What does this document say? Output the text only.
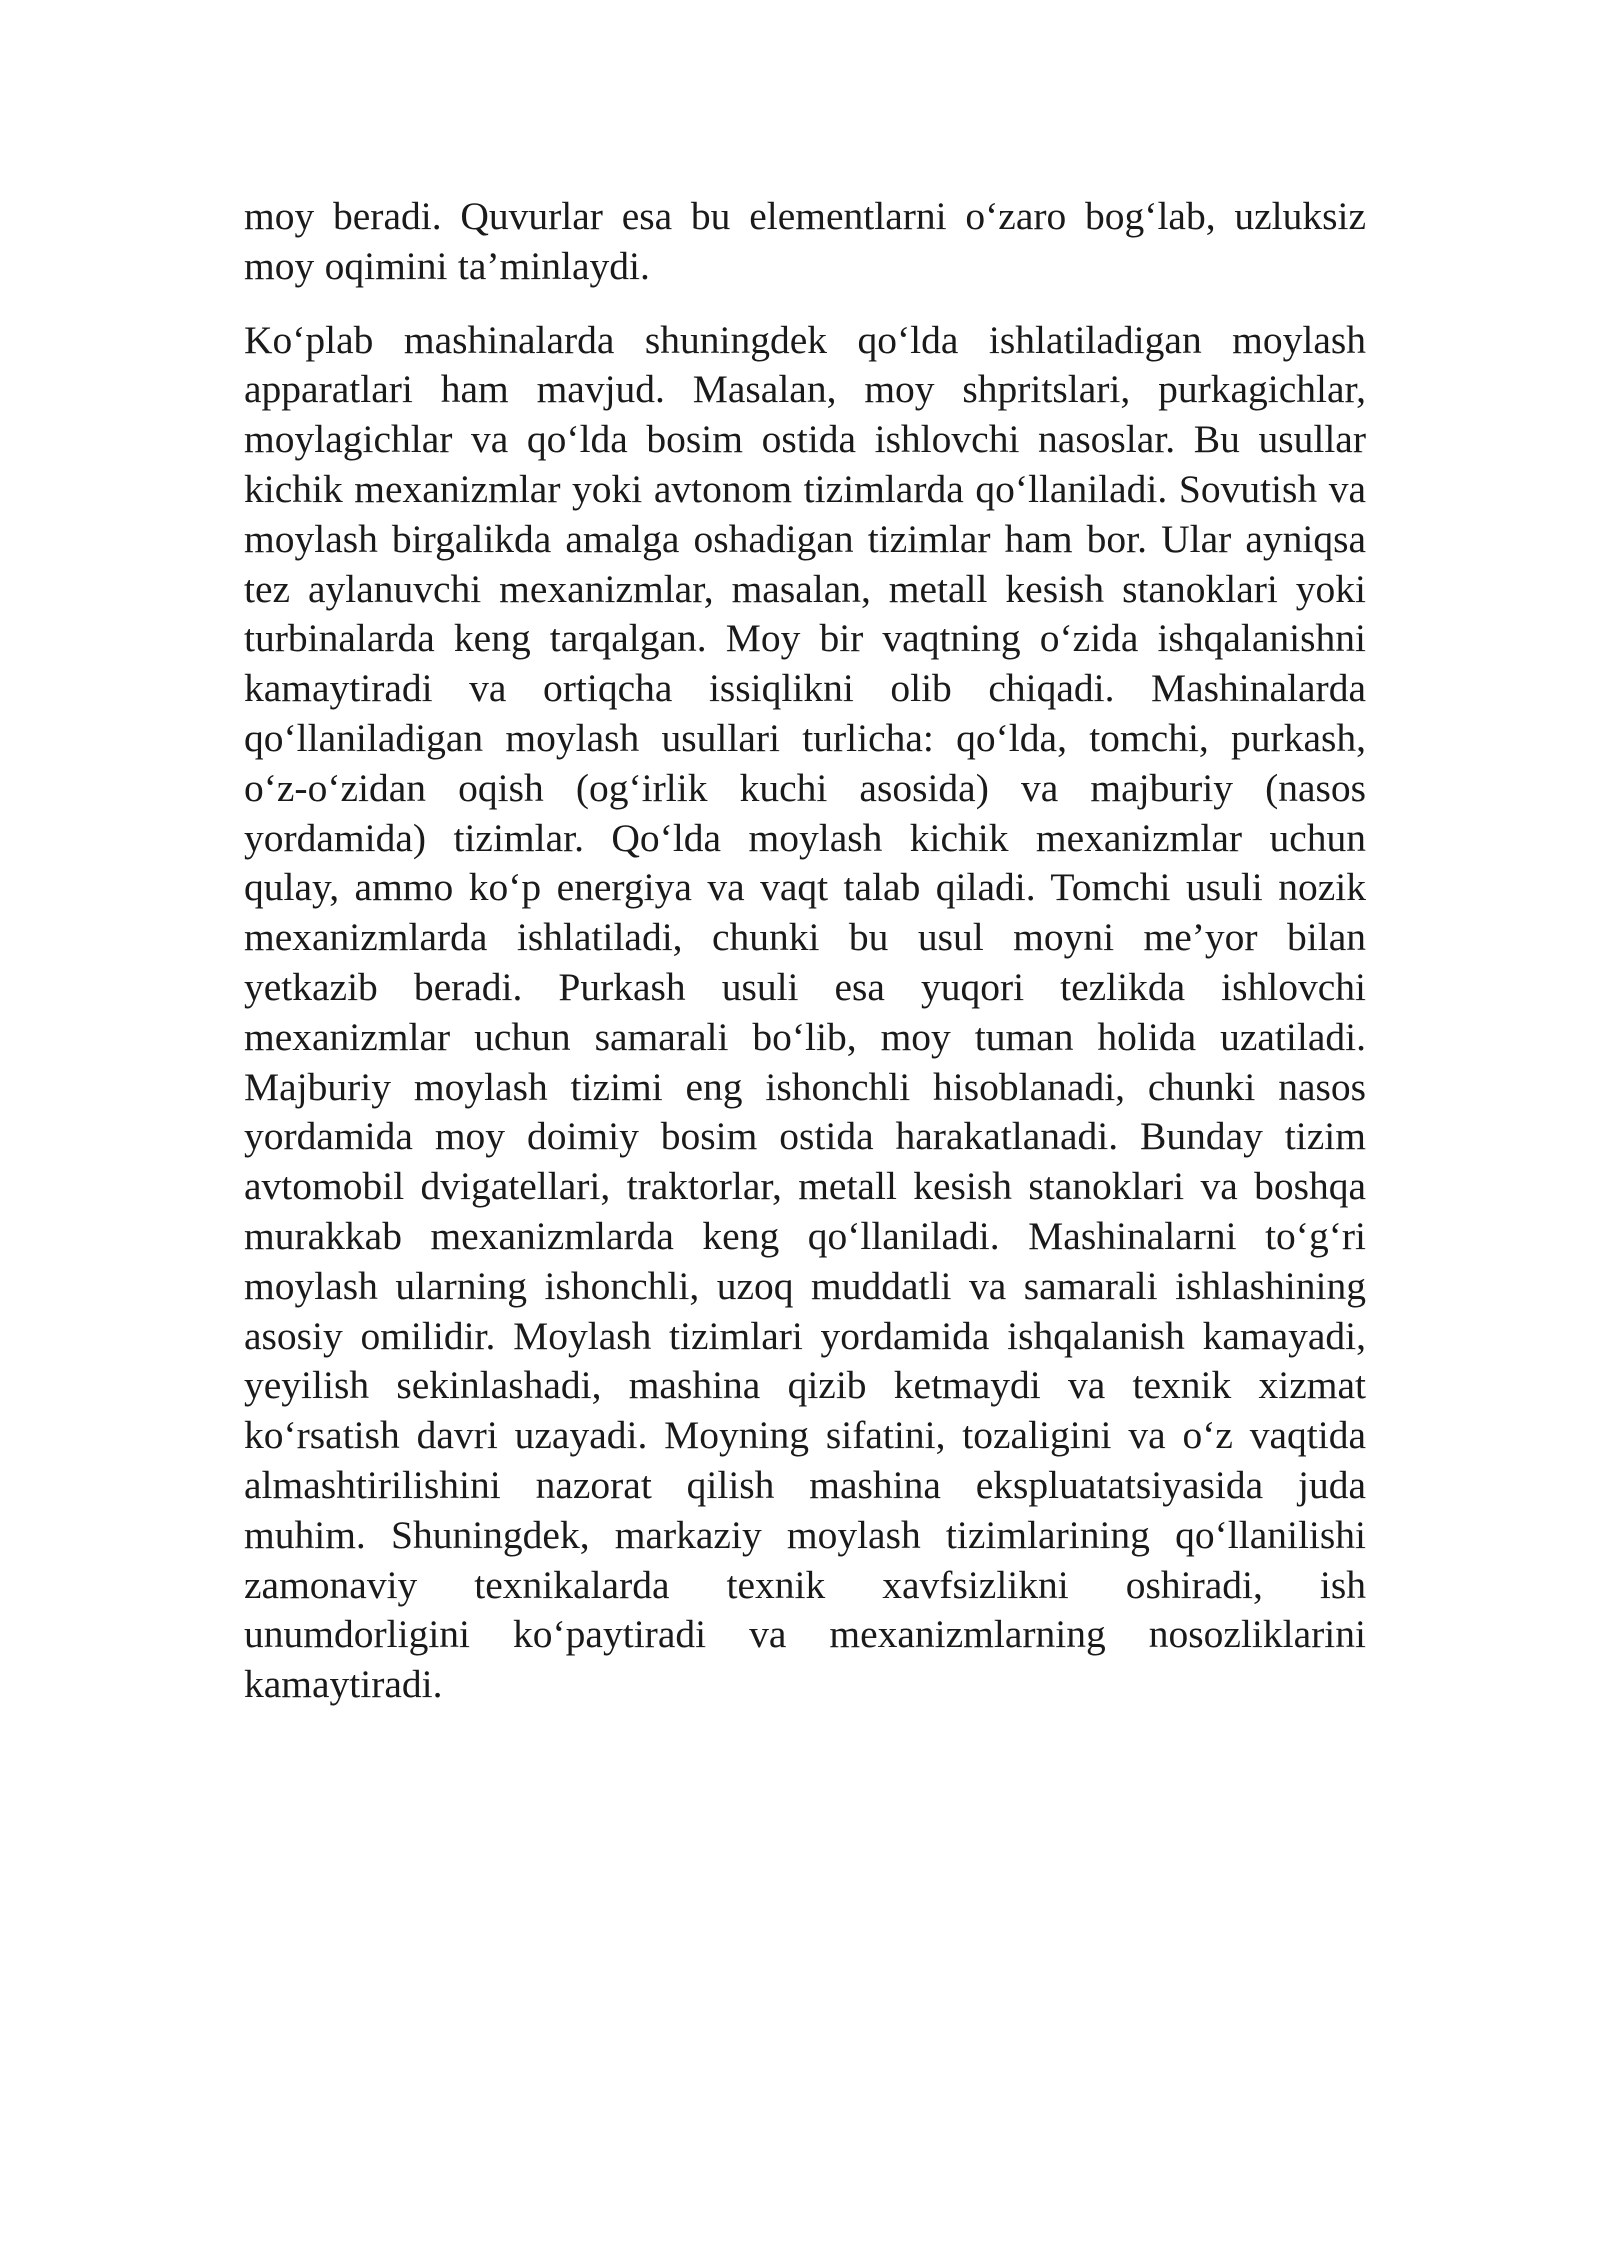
moy beradi. Quvurlar esa bu elementlarni o‘zaro bog‘lab, uzluksiz moy oqimini ta’minlaydi.

Ko‘plab mashinalarda shuningdek qo‘lda ishlatiladigan moylash apparatlari ham mavjud. Masalan, moy shpritslari, purkagichlar, moylagichlar va qo‘lda bosim ostida ishlovchi nasoslar. Bu usullar kichik mexanizmlar yoki avtonom tizimlarda qo‘llaniladi. Sovutish va moylash birgalikda amalga oshadigan tizimlar ham bor. Ular ayniqsa tez aylanuvchi mexanizmlar, masalan, metall kesish stanoklari yoki turbinalarda keng tarqalgan. Moy bir vaqtning o‘zida ishqalanishni kamaytiradi va ortiqcha issiqlikni olib chiqadi. Mashinalarda qo‘llaniladigan moylash usullari turlicha: qo‘lda, tomchi, purkash, o‘z-o‘zidan oqish (og‘irlik kuchi asosida) va majburiy (nasos yordamida) tizimlar. Qo‘lda moylash kichik mexanizmlar uchun qulay, ammo ko‘p energiya va vaqt talab qiladi. Tomchi usuli nozik mexanizmlarda ishlatiladi, chunki bu usul moyni me’yor bilan yetkazib beradi. Purkash usuli esa yuqori tezlikda ishlovchi mexanizmlar uchun samarali bo‘lib, moy tuman holida uzatiladi. Majburiy moylash tizimi eng ishonchli hisoblanadi, chunki nasos yordamida moy doimiy bosim ostida harakatlanadi. Bunday tizim avtomobil dvigatellari, traktorlar, metall kesish stanoklari va boshqa murakkab mexanizmlarda keng qo‘llaniladi. Mashinalarni to‘g‘ri moylash ularning ishonchli, uzoq muddatli va samarali ishlashining asosiy omilidir. Moylash tizimlari yordamida ishqalanish kamayadi, yeyilish sekinlashadi, mashina qizib ketmaydi va texnik xizmat ko‘rsatish davri uzayadi. Moyning sifatini, tozaligini va o‘z vaqtida almashtirilishini nazorat qilish mashina ekspluatatsiyasida juda muhim. Shuningdek, markaziy moylash tizimlarining qo‘llanilishi zamonaviy texnikalarda texnik xavfsizlikni oshiradi, ish unumdorligini ko‘paytiradi va mexanizmlarning nosozliklarini kamaytiradi.
